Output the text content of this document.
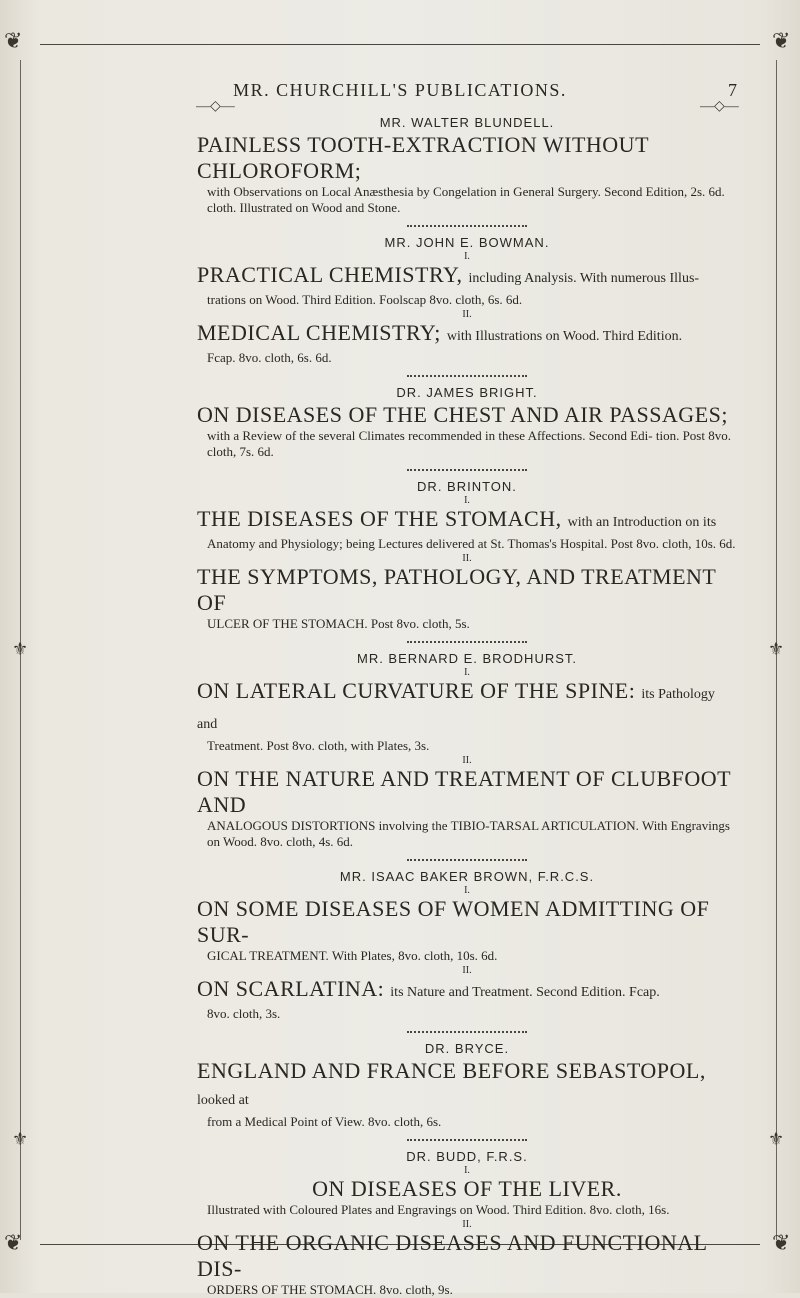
❦	❦
❦	❦
⚜	⚜
⚜	⚜
—◇—	—◇—
MR. CHURCHILL'S PUBLICATIONS.	7
MR. WALTER BLUNDELL.
PAINLESS TOOTH-EXTRACTION WITHOUT CHLOROFORM;
with Observations on Local Anæsthesia by Congelation in General Surgery. Second Edition, 2s. 6d. cloth. Illustrated on Wood and Stone.
MR. JOHN E. BOWMAN.
I.
PRACTICAL CHEMISTRY, including Analysis. With numerous Illus-
trations on Wood. Third Edition. Foolscap 8vo. cloth, 6s. 6d.
II.
MEDICAL CHEMISTRY; with Illustrations on Wood. Third Edition.
Fcap. 8vo. cloth, 6s. 6d.
DR. JAMES BRIGHT.
ON DISEASES OF THE CHEST AND AIR PASSAGES;
with a Review of the several Climates recommended in these Affections. Second Edi- tion. Post 8vo. cloth, 7s. 6d.
DR. BRINTON.
I.
THE DISEASES OF THE STOMACH, with an Introduction on its
Anatomy and Physiology; being Lectures delivered at St. Thomas's Hospital. Post 8vo. cloth, 10s. 6d.
II.
THE SYMPTOMS, PATHOLOGY, AND TREATMENT OF
ULCER OF THE STOMACH. Post 8vo. cloth, 5s.
MR. BERNARD E. BRODHURST.
I.
ON LATERAL CURVATURE OF THE SPINE: its Pathology and
Treatment. Post 8vo. cloth, with Plates, 3s.
II.
ON THE NATURE AND TREATMENT OF CLUBFOOT AND
ANALOGOUS DISTORTIONS involving the TIBIO-TARSAL ARTICULATION. With Engravings on Wood. 8vo. cloth, 4s. 6d.
MR. ISAAC BAKER BROWN, F.R.C.S.
I.
ON SOME DISEASES OF WOMEN ADMITTING OF SUR-
GICAL TREATMENT. With Plates, 8vo. cloth, 10s. 6d.
II.
ON SCARLATINA: its Nature and Treatment. Second Edition. Fcap.
8vo. cloth, 3s.
DR. BRYCE.
ENGLAND AND FRANCE BEFORE SEBASTOPOL, looked at
from a Medical Point of View. 8vo. cloth, 6s.
DR. BUDD, F.R.S.
I.
ON DISEASES OF THE LIVER.
Illustrated with Coloured Plates and Engravings on Wood. Third Edition. 8vo. cloth, 16s.
II.
ON THE ORGANIC DISEASES AND FUNCTIONAL DIS-
ORDERS OF THE STOMACH. 8vo. cloth, 9s.
